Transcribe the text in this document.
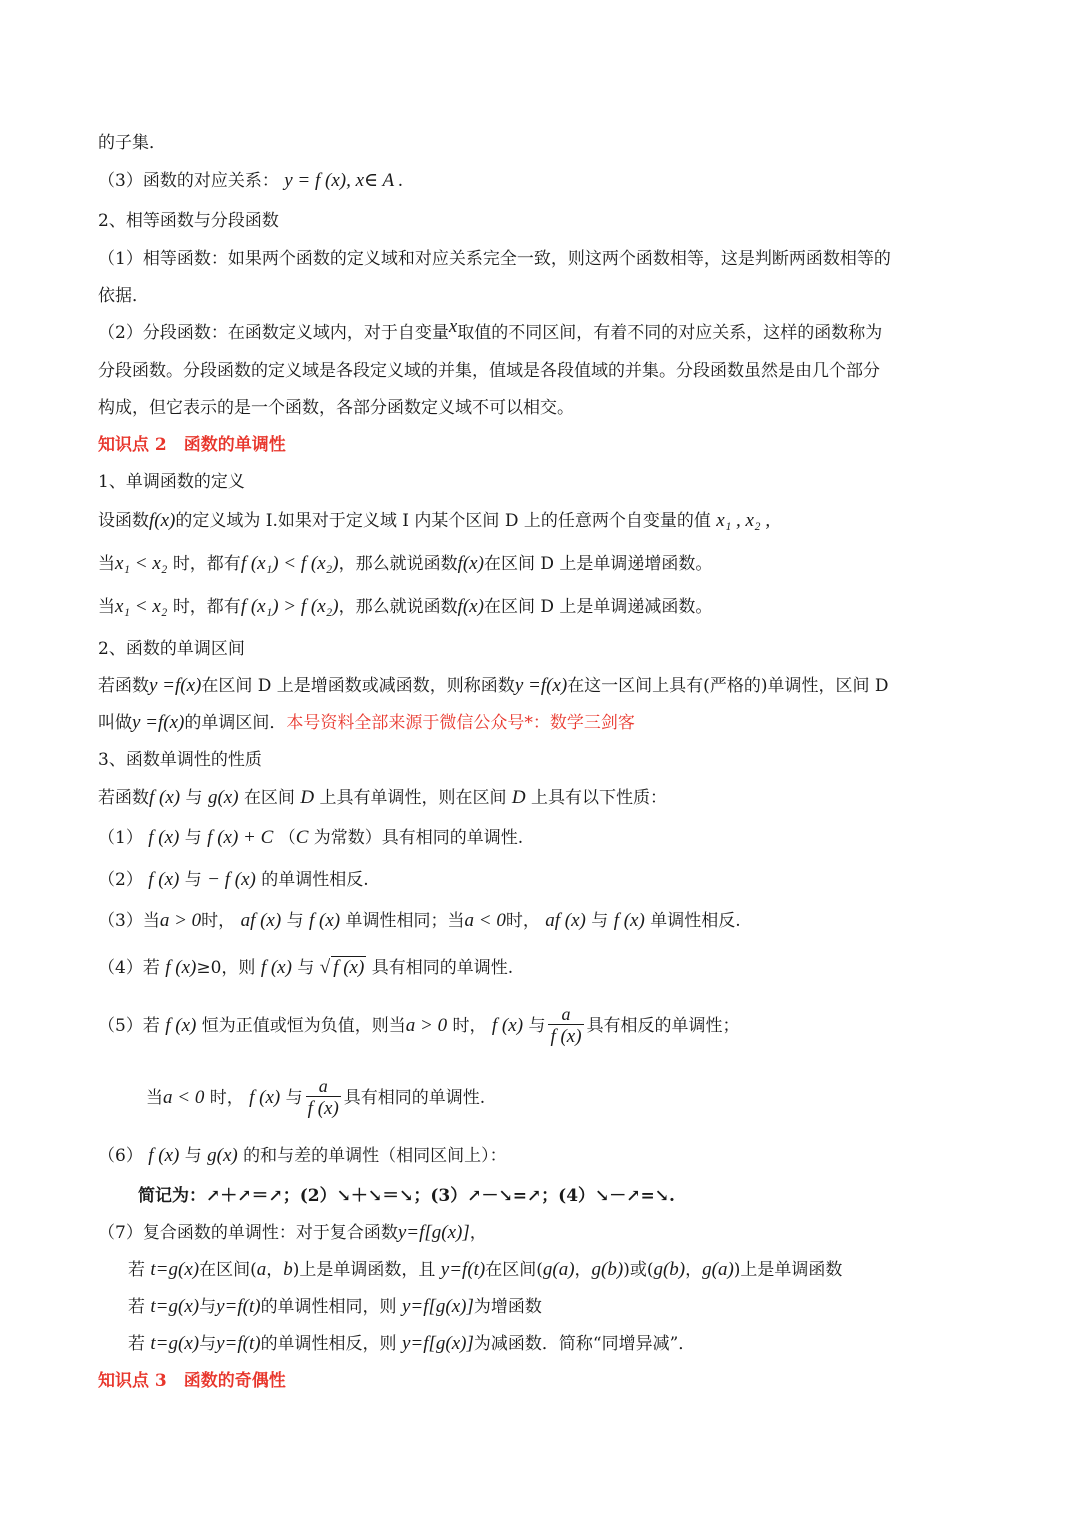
的子集．
（3）函数的对应关系： y = f (x), x∈ A .
2、相等函数与分段函数
（1）相等函数：如果两个函数的定义域和对应关系完全一致，则这两个函数相等，这是判断两函数相等的
依据．
（2）分段函数：在函数定义域内，对于自变量x取值的不同区间，有着不同的对应关系，这样的函数称为
分段函数。分段函数的定义域是各段定义域的并集，值域是各段值域的并集。分段函数虽然是由几个部分
构成，但它表示的是一个函数，各部分函数定义域不可以相交。
知识点 2　函数的单调性
1、单调函数的定义
设函数f(x)的定义域为 I.如果对于定义域 I 内某个区间 D 上的任意两个自变量的值 x₁ , x₂ ,
当x₁ < x₂ 时，都有f (x₁) < f (x₂)，那么就说函数f(x)在区间 D 上是单调递增函数。
当x₁ < x₂ 时，都有f (x₁) > f (x₂)，那么就说函数f(x)在区间 D 上是单调递减函数。
2、函数的单调区间
若函数y =f(x)在区间 D 上是增函数或减函数，则称函数y =f(x)在这一区间上具有(严格的)单调性，区间 D
叫做y =f(x)的单调区间．本号资料全部来源于微信公众号*：数学三剑客
3、函数单调性的性质
若函数f (x) 与 g(x) 在区间 D 上具有单调性，则在区间 D 上具有以下性质：
（1） f (x) 与 f (x) + C （C 为常数）具有相同的单调性.
（2） f (x) 与 − f (x) 的单调性相反.
（3）当a > 0时， af (x) 与 f (x) 单调性相同；当a < 0时， af (x) 与 f (x) 单调性相反.
（4）若 f (x)≥0，则 f (x) 与 √ f (x) 具有相同的单调性.
（5）若 f (x) 恒为正值或恒为负值，则当a > 0 时， f (x) 与 $\frac{a}{f (x)}$ 具有相反的单调性；
当a < 0 时， f (x) 与 $\frac{a}{f (x)}$ 具有相同的单调性.
（6） f (x) 与 g(x) 的和与差的单调性（相同区间上）：
简记为：↗＋↗＝↗；(2）↘＋↘＝↘；(3）↗－↘=↗；(4）↘－↗=↘.
（7）复合函数的单调性：对于复合函数y=f[g(x)]，
若 t=g(x)在区间(a，b)上是单调函数，且 y=f(t)在区间(g(a)，g(b))或(g(b)，g(a))上是单调函数
若 t=g(x)与y=f(t)的单调性相同，则 y=f[g(x)]为增函数
若 t=g(x)与y=f(t)的单调性相反，则 y=f[g(x)]为减函数．简称“同增异减”．
知识点 3　函数的奇偶性
